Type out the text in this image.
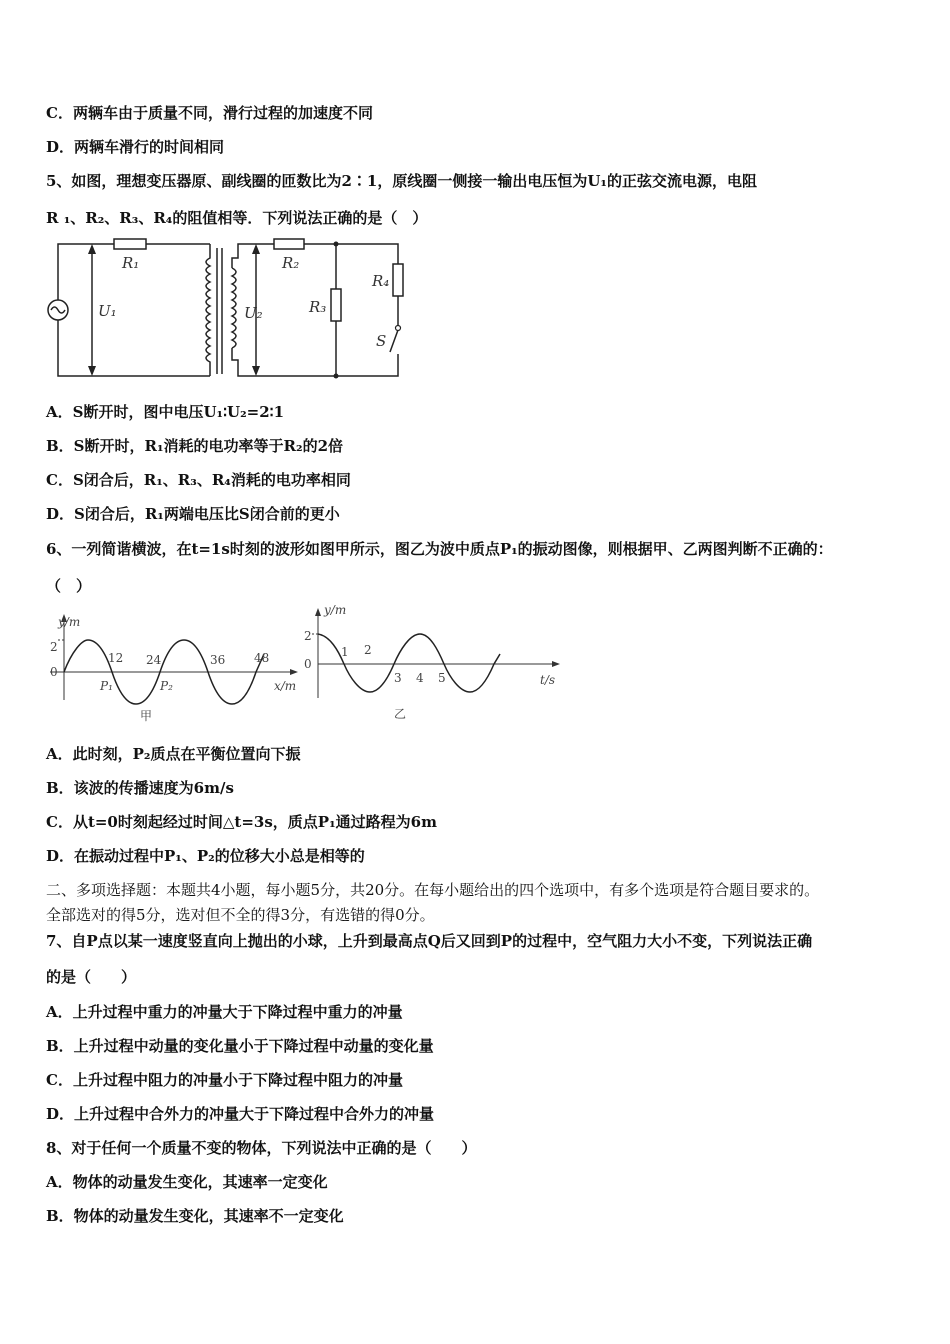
C．两辆车由于质量不同，滑行过程的加速度不同
D．两辆车滑行的时间相同
5、如图，理想变压器原、副线圈的匝数比为2∶1，原线圈一侧接一输出电压恒为U₁的正弦交流电源，电阻
R ₁、R₂、R₃、R₄的阻值相等．下列说法正确的是（　）
R₁	R₂
R₃
R₄
U₁	U₂
S
A．S断开时，图中电压U₁∶U₂=2∶1
B．S断开时，R₁消耗的电功率等于R₂的2倍
C．S闭合后，R₁、R₃、R₄消耗的电功率相同
D．S闭合后，R₁两端电压比S闭合前的更小
6、一列简谐横波，在t=1s时刻的波形如图甲所示，图乙为波中质点P₁的振动图像，则根据甲、乙两图判断不正确的：
（　）
y/m
2
0
12 24	36 48
P₁	P₂	x/m
甲
y/m
2
0
1 2
3 4 5	t/s
乙
A．此时刻，P₂质点在平衡位置向下振
B．该波的传播速度为6m/s
C．从t=0时刻起经过时间△t=3s，质点P₁通过路程为6m
D．在振动过程中P₁、P₂的位移大小总是相等的
二、多项选择题：本题共4小题，每小题5分，共20分。在每小题给出的四个选项中，有多个选项是符合题目要求的。
全部选对的得5分，选对但不全的得3分，有选错的得0分。
7、自P点以某一速度竖直向上抛出的小球，上升到最高点Q后又回到P的过程中，空气阻力大小不变，下列说法正确
的是（　　）
A．上升过程中重力的冲量大于下降过程中重力的冲量
B．上升过程中动量的变化量小于下降过程中动量的变化量
C．上升过程中阻力的冲量小于下降过程中阻力的冲量
D．上升过程中合外力的冲量大于下降过程中合外力的冲量
8、对于任何一个质量不变的物体，下列说法中正确的是（　　）
A．物体的动量发生变化，其速率一定变化
B．物体的动量发生变化，其速率不一定变化
